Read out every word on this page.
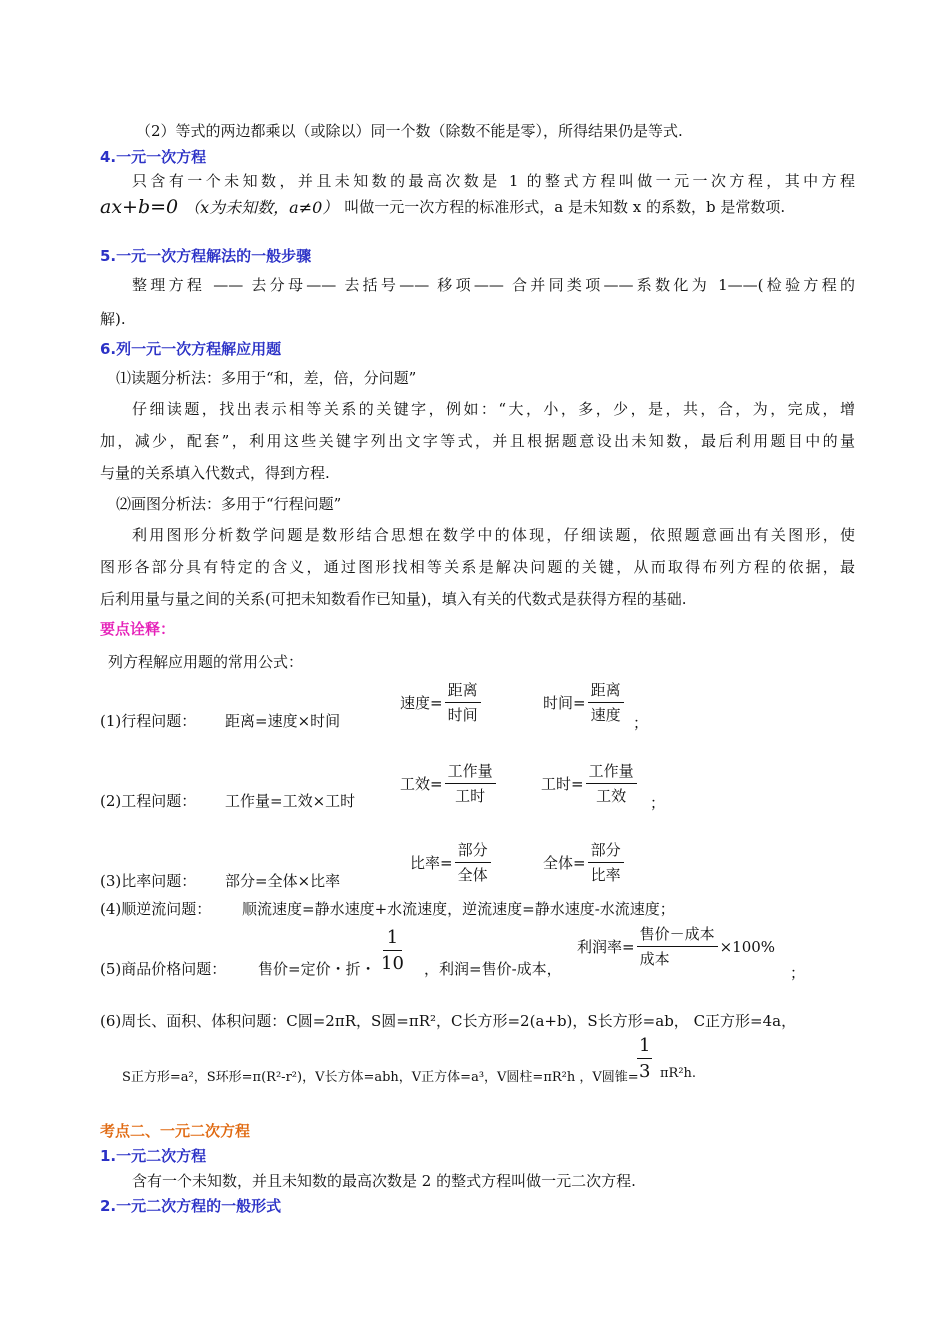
（2）等式的两边都乘以（或除以）同一个数（除数不能是零），所得结果仍是等式.
4.一元一次方程
只含有一个未知数，并且未知数的最高次数是 1 的整式方程叫做一元一次方程，其中方程
ax+b=0 （x为未知数，a≠0） 叫做一元一次方程的标准形式，a 是未知数 x 的系数，b 是常数项.
5.一元一次方程解法的一般步骤
整理方程 —— 去分母—— 去括号—— 移项—— 合并同类项——系数化为 1——(检验方程的
解).
6.列一元一次方程解应用题
⑴读题分析法：多用于“和，差，倍，分问题”
仔细读题，找出表示相等关系的关键字，例如：“大，小，多，少，是，共，合，为，完成，增
加，减少，配套”，利用这些关键字列出文字等式，并且根据题意设出未知数，最后利用题目中的量
与量的关系填入代数式，得到方程.
⑵画图分析法：多用于“行程问题”
利用图形分析数学问题是数形结合思想在数学中的体现，仔细读题，依照题意画出有关图形，使
图形各部分具有特定的含义，通过图形找相等关系是解决问题的关键，从而取得布列方程的依据，最
后利用量与量之间的关系(可把未知数看作已知量)，填入有关的代数式是获得方程的基础.
要点诠释：
列方程解应用题的常用公式：
(1)行程问题： 距离=速度×时间
速度 = $\frac{\text{距离}}{\text{时间}}$	时间 = $\frac{\text{距离}}{\text{速度}}$ ；
(2)工程问题： 工作量=工效×工时
工效 = $\frac{\text{工作量}}{\text{工时}}$	工时 = $\frac{\text{工作量}}{\text{工效}}$ ；
(3)比率问题： 部分=全体×比率
比率 = $\frac{\text{部分}}{\text{全体}}$	全体 = $\frac{\text{部分}}{\text{比率}}$
(4)顺逆流问题： 顺流速度=静水速度+水流速度，逆流速度=静水速度-水流速度；
(5)商品价格问题： 售价=定价・折・
1
10 ，利润=售价-成本，
利润率 = $\frac{\text{售价－成本}}{\text{成本}} \times 100\%$
；
(6)周长、面积、体积问题：C圆=2πR，S圆=πR²，C长方形=2(a+b)，S长方形=ab， C正方形=4a，
S正方形=a²，S环形=π(R²-r²)，V长方体=abh，V正方体=a³，V圆柱=πR²h ，V圆锥=
1
3 πR²h.
考点二、一元二次方程
1.一元二次方程
含有一个未知数，并且未知数的最高次数是 2 的整式方程叫做一元二次方程.
2.一元二次方程的一般形式
